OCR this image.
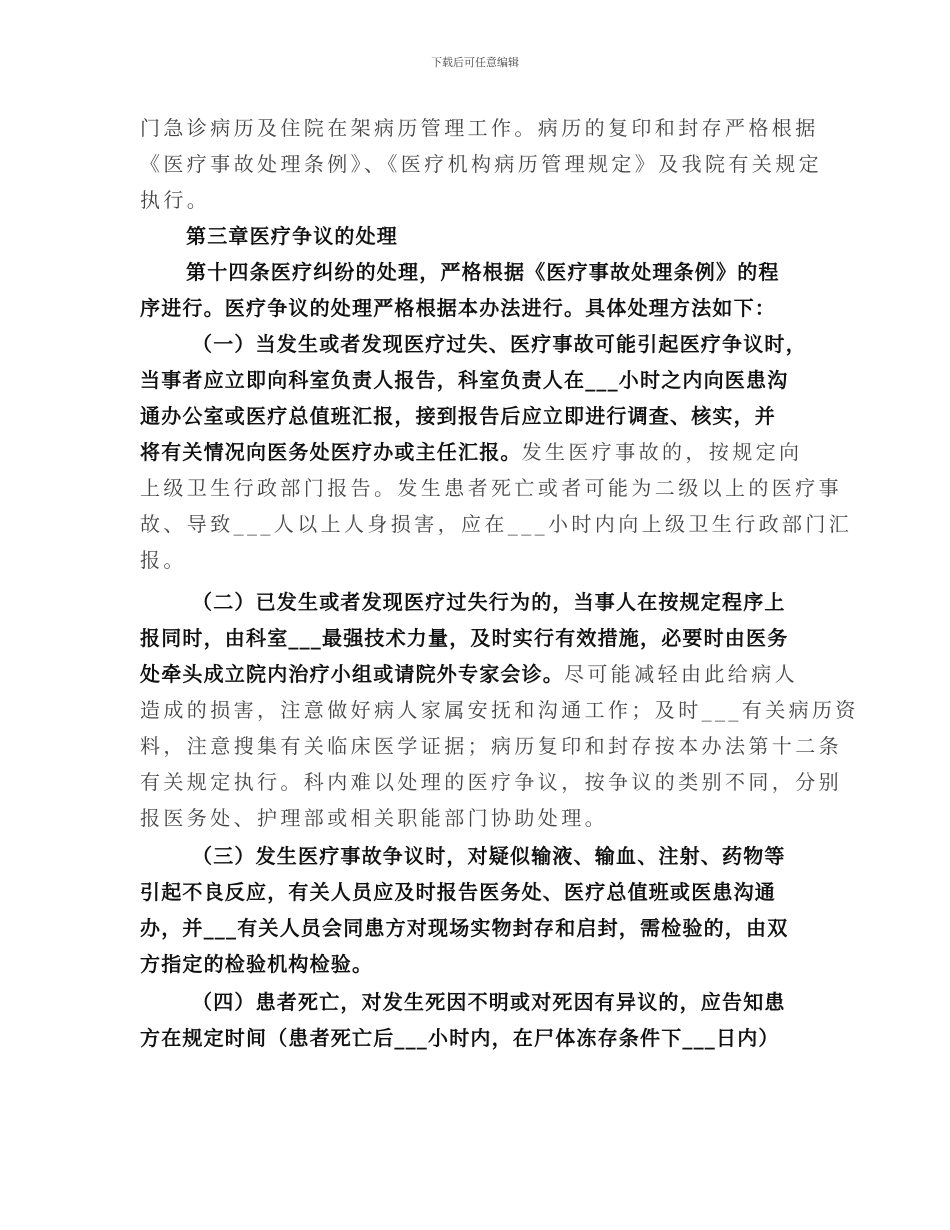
下载后可任意编辑
门急诊病历及住院在架病历管理工作。病历的复印和封存严格根据
《医疗事故处理条例》、《医疗机构病历管理规定》及我院有关规定
执行。
第三章医疗争议的处理
第十四条医疗纠纷的处理，严格根据《医疗事故处理条例》的程
序进行。医疗争议的处理严格根据本办法进行。具体处理方法如下：
（一）当发生或者发现医疗过失、医疗事故可能引起医疗争议时，
当事者应立即向科室负责人报告，科室负责人在___小时之内向医患沟
通办公室或医疗总值班汇报，接到报告后应立即进行调查、核实，并
将有关情况向医务处医疗办或主任汇报。发生医疗事故的，按规定向
上级卫生行政部门报告。发生患者死亡或者可能为二级以上的医疗事
故、导致___人以上人身损害，应在___小时内向上级卫生行政部门汇
报。
（二）已发生或者发现医疗过失行为的，当事人在按规定程序上
报同时，由科室___最强技术力量，及时实行有效措施，必要时由医务
处牵头成立院内治疗小组或请院外专家会诊。尽可能减轻由此给病人
造成的损害，注意做好病人家属安抚和沟通工作；及时___有关病历资
料，注意搜集有关临床医学证据；病历复印和封存按本办法第十二条
有关规定执行。科内难以处理的医疗争议，按争议的类别不同，分别
报医务处、护理部或相关职能部门协助处理。
（三）发生医疗事故争议时，对疑似输液、输血、注射、药物等
引起不良反应，有关人员应及时报告医务处、医疗总值班或医患沟通
办，并___有关人员会同患方对现场实物封存和启封，需检验的，由双
方指定的检验机构检验。
（四）患者死亡，对发生死因不明或对死因有异议的，应告知患
方在规定时间（患者死亡后___小时内，在尸体冻存条件下___日内）
